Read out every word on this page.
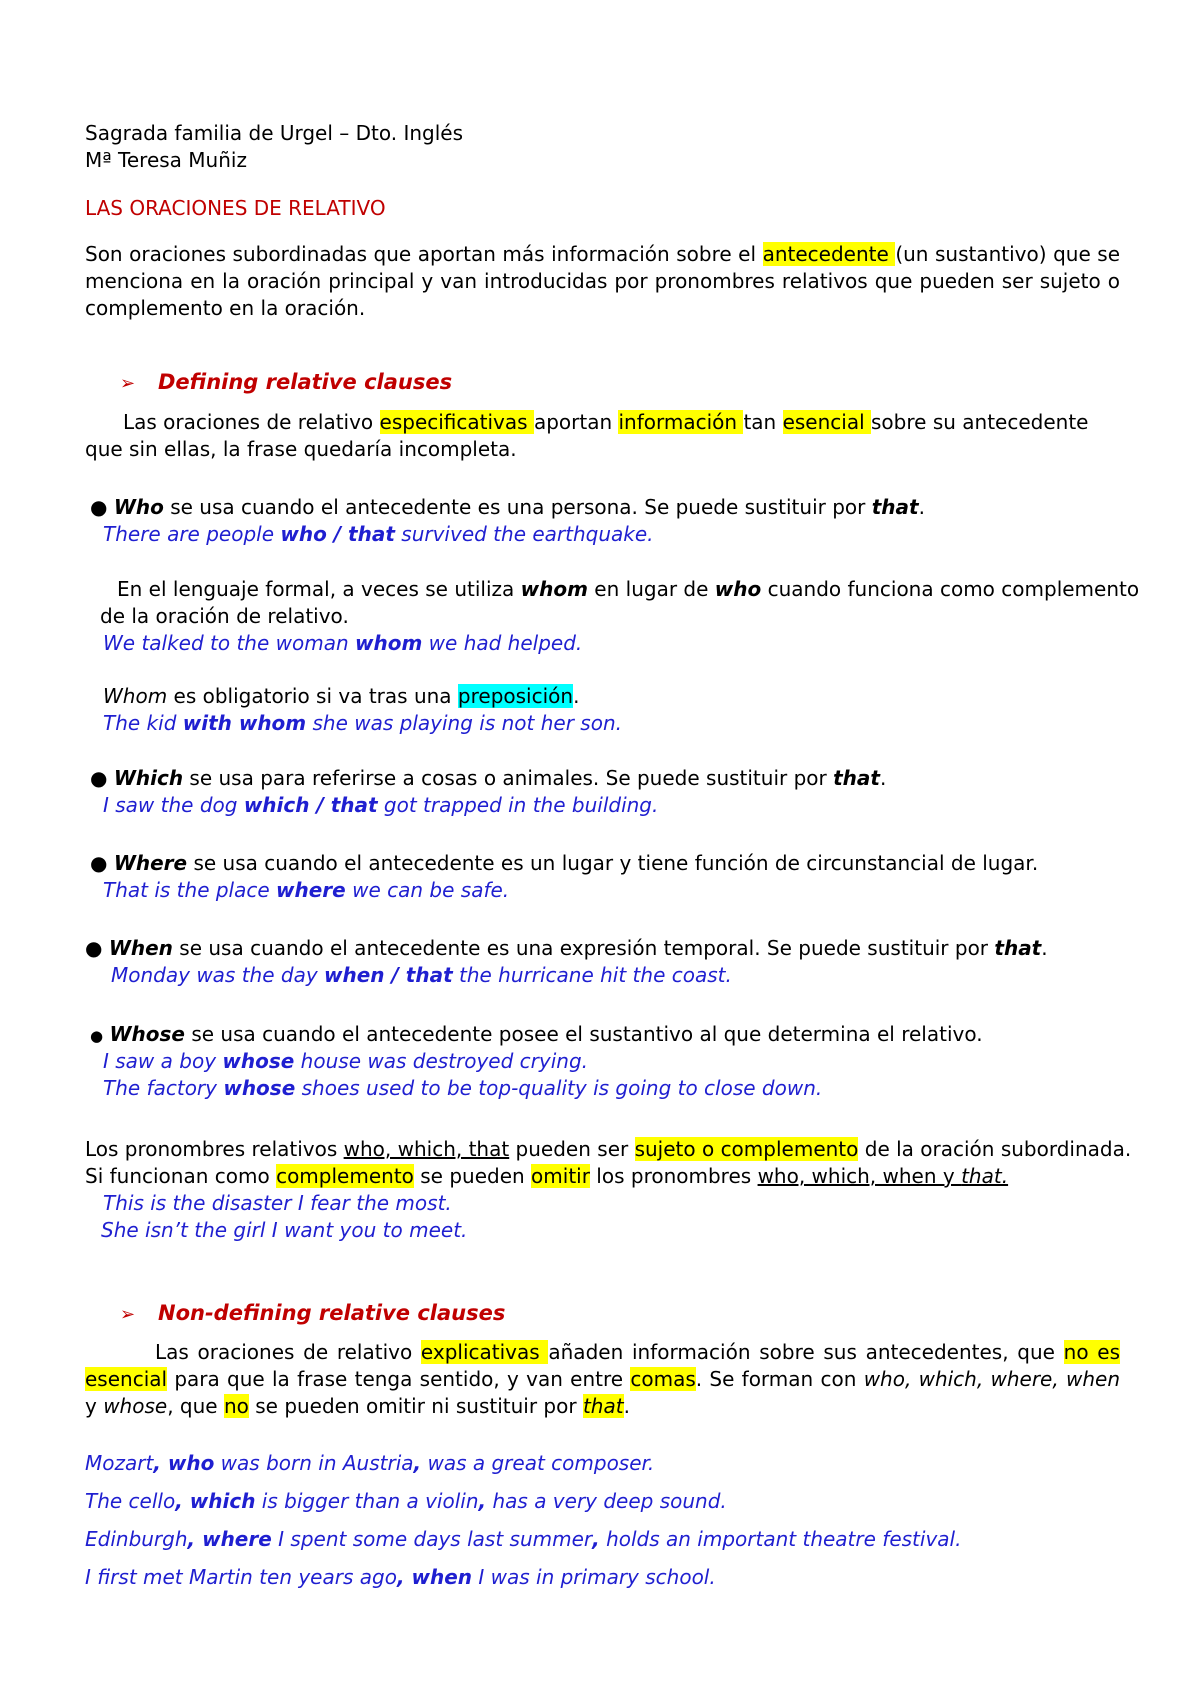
Sagrada familia de Urgel – Dto. Inglés
Mª Teresa Muñiz
LAS ORACIONES DE RELATIVO
Son oraciones subordinadas que aportan más información sobre el antecedente (un sustantivo) que se menciona en la oración principal y van introducidas por pronombres relativos que pueden ser sujeto o complemento en la oración.
➢ Defining relative clauses
Las oraciones de relativo especificativas aportan información tan esencial sobre su antecedente que sin ellas, la frase quedaría incompleta.
● Who se usa cuando el antecedente es una persona. Se puede sustituir por that.
There are people who / that survived the earthquake.
En el lenguaje formal, a veces se utiliza whom en lugar de who cuando funciona como complemento
de la oración de relativo.
We talked to the woman whom we had helped.
Whom es obligatorio si va tras una preposición.
The kid with whom she was playing is not her son.
● Which se usa para referirse a cosas o animales. Se puede sustituir por that.
I saw the dog which / that got trapped in the building.
● Where se usa cuando el antecedente es un lugar y tiene función de circunstancial de lugar.
That is the place where we can be safe.
● When se usa cuando el antecedente es una expresión temporal. Se puede sustituir por that.
Monday was the day when / that the hurricane hit the coast.
● Whose se usa cuando el antecedente posee el sustantivo al que determina el relativo.
I saw a boy whose house was destroyed crying.
The factory whose shoes used to be top-quality is going to close down.
Los pronombres relativos who, which, that pueden ser sujeto o complemento de la oración subordinada.
Si funcionan como complemento se pueden omitir los pronombres who, which, when y that.
This is the disaster I fear the most.
She isn’t the girl I want you to meet.
➢ Non-defining relative clauses
Las oraciones de relativo explicativas añaden información sobre sus antecedentes, que no es esencial para que la frase tenga sentido, y van entre comas. Se forman con who, which, where, when y whose, que no se pueden omitir ni sustituir por that.
Mozart, who was born in Austria, was a great composer.
The cello, which is bigger than a violin, has a very deep sound.
Edinburgh, where I spent some days last summer, holds an important theatre festival.
I first met Martin ten years ago, when I was in primary school.
